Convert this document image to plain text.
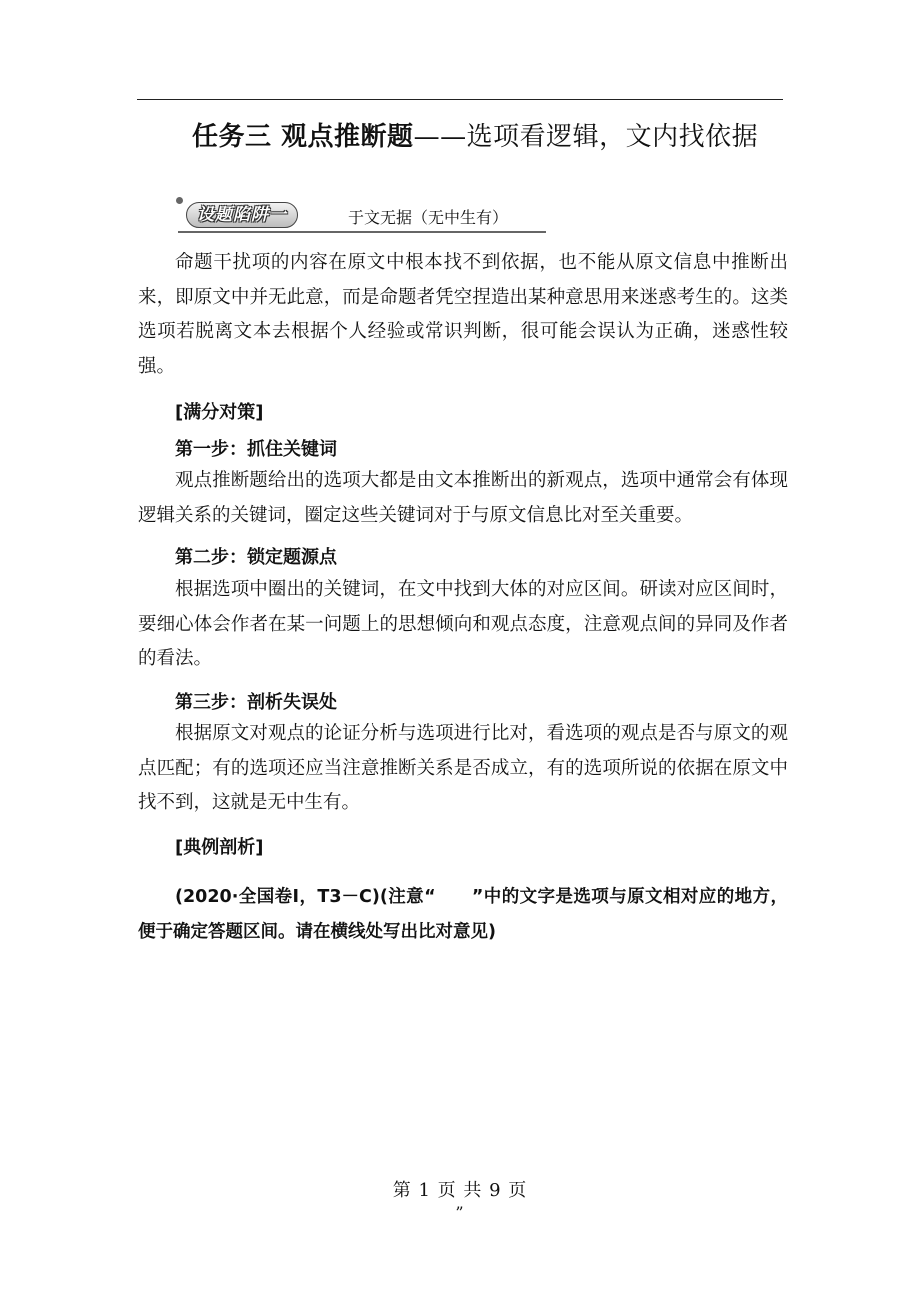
任务三 观点推断题——选项看逻辑，文内找依据
设题陷阱一	于文无据（无中生有）
命题干扰项的内容在原文中根本找不到依据，也不能从原文信息中推断出来，即原文中并无此意，而是命题者凭空捏造出某种意思用来迷惑考生的。这类选项若脱离文本去根据个人经验或常识判断，很可能会误认为正确，迷惑性较强。
[满分对策]
第一步：抓住关键词
观点推断题给出的选项大都是由文本推断出的新观点，选项中通常会有体现逻辑关系的关键词，圈定这些关键词对于与原文信息比对至关重要。
第二步：锁定题源点
根据选项中圈出的关键词，在文中找到大体的对应区间。研读对应区间时，要细心体会作者在某一问题上的思想倾向和观点态度，注意观点间的异同及作者的看法。
第三步：剖析失误处
根据原文对观点的论证分析与选项进行比对，看选项的观点是否与原文的观点匹配；有的选项还应当注意推断关系是否成立，有的选项所说的依据在原文中找不到，这就是无中生有。
[典例剖析]
(2020·全国卷Ⅰ，T3－C)(注意“　　”中的文字是选项与原文相对应的地方，便于确定答题区间。请在横线处写出比对意见)
第 1 页 共 9 页
”
